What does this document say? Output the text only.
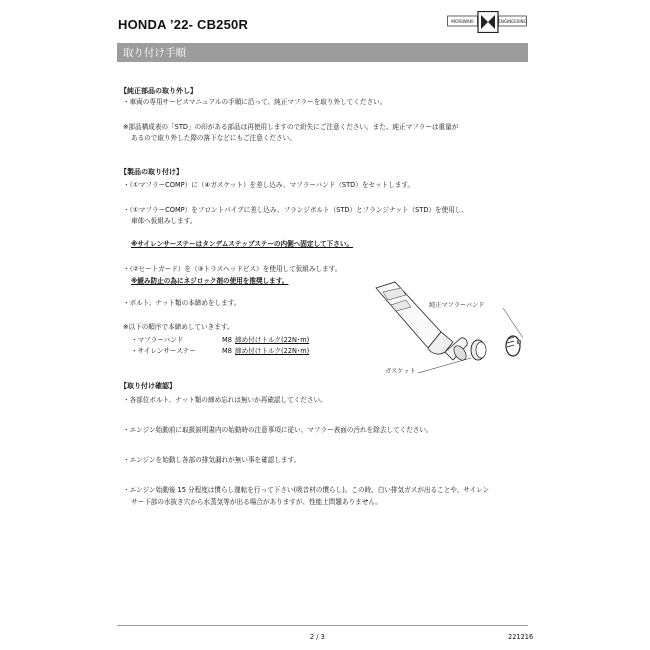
HONDA ’22- CB250R	MORIWAKI	ENGINEERING
取り付け手順
【純正部品の取り外し】
・車両の専用サービスマニュアルの手順に沿って、純正マフラーを取り外してください。
※部品構成表の「STD」の印がある部品は再使用しますので紛失にご注意ください。また、純正マフラーは重量が
あるので取り外した際の落下などにもご注意ください。
【製品の取り付け】
・（①マフラーCOMP）に（④ガスケット）を差し込み、マフラーバンド（STD）をセットします。
・（①マフラーCOMP）をフロントパイプに差し込み、フランジボルト（STD）とフランジナット（STD）を使用し、
車体へ仮組みします。
※サイレンサーステーはタンデムステップステーの内側へ固定して下さい。
・（②ヒートガード）を（③トラスヘッドビス）を使用して仮組みします。
※緩み防止の為にネジロック剤の使用を推奨します。
・ボルト、ナット類の本締めをします。
※以下の順序で本締めしていきます。
・マフラーバンド	M8 締め付けトルク(22N･m)
・サイレンサーステー	M8 締め付けトルク(22N･m)
純正マフラーバンド
ガスケット
【取り付け確認】
・各部位ボルト、ナット類の締め忘れは無いか再確認してください。
・エンジン始動前に取扱説明書内の始動時の注意事項に従い、マフラー表面の汚れを除去してください。
・エンジンを始動し各部の排気漏れが無い事を確認します。
・エンジン始動後 15 分程度は慣らし運転を行って下さい(吸音材の慣らし)。この時、白い排気ガスが出ることや、サイレン
サー下部の水抜き穴から水蒸気等が出る場合がありますが、性能上問題ありません。
2 / 3	221216
